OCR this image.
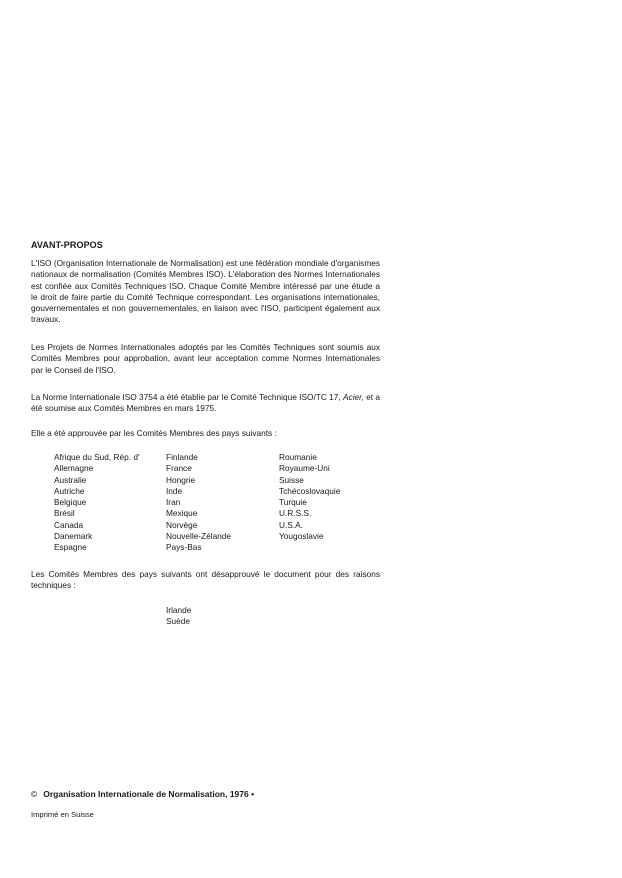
AVANT-PROPOS

L'ISO (Organisation Internationale de Normalisation) est une fédération mondiale d'organismes nationaux de normalisation (Comités Membres ISO). L'élaboration des Normes Internationales est confiée aux Comités Techniques ISO. Chaque Comité Membre intéressé par une étude a le droit de faire partie du Comité Technique correspondant. Les organisations internationales, gouvernementales et non gouvernementales, en liaison avec l'ISO, participent également aux travaux.

Les Projets de Normes Internationales adoptés par les Comités Techniques sont soumis aux Comités Membres pour approbation, avant leur acceptation comme Normes Internationales par le Conseil de l'ISO.

La Norme Internationale ISO 3754 a été établie par le Comité Technique ISO/TC 17, Acier, et a été soumise aux Comités Membres en mars 1975.

Elle a été approuvée par les Comités Membres des pays suivants :

Afrique du Sud, Rép. d'
Allemagne
Australie
Autriche
Belgique
Brésil
Canada
Danemark
Espagne
Finlande
France
Hongrie
Inde
Iran
Mexique
Norvège
Nouvelle-Zélande
Pays-Bas
Roumanie
Royaume-Uni
Suisse
Tchécoslovaquie
Turquie
U.R.S.S.
U.S.A.
Yougoslavie

Les Comités Membres des pays suivants ont désapprouvé le document pour des raisons techniques :

Irlande
Suède
© Organisation Internationale de Normalisation, 1976 •
Imprimé en Suisse
